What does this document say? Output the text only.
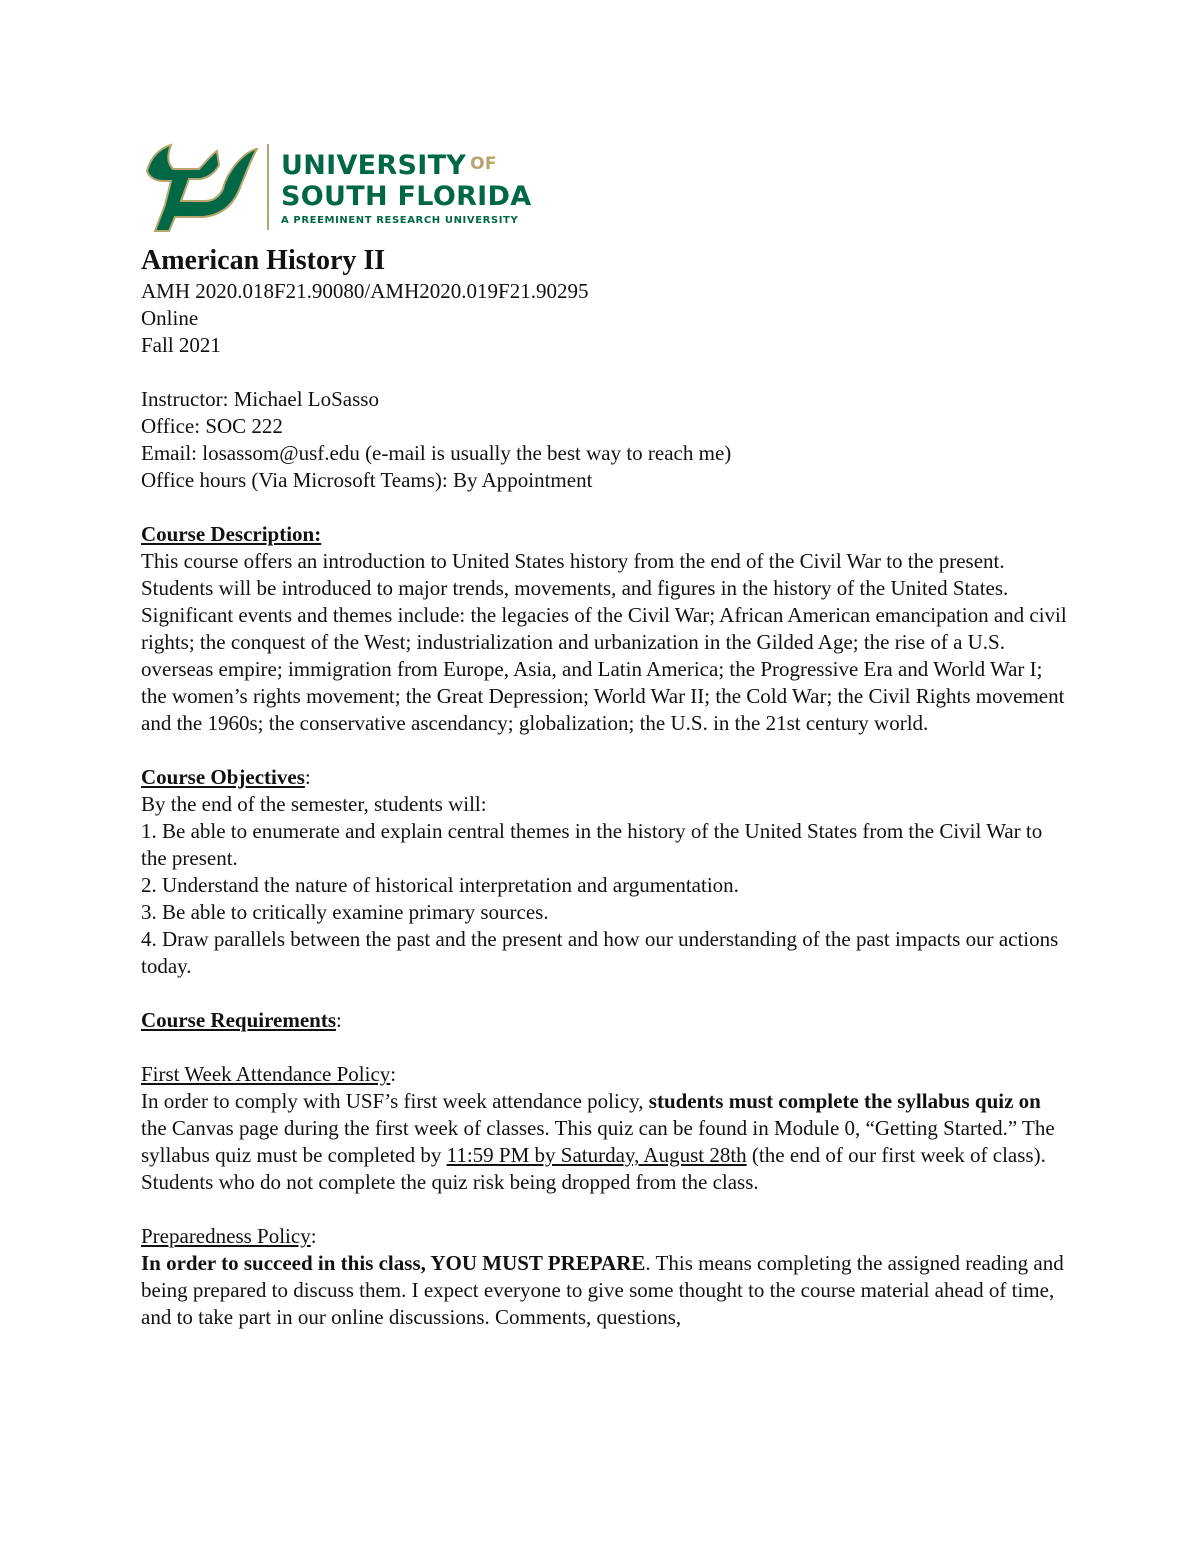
UNIVERSITY OF
SOUTH FLORIDA
A PREEMINENT RESEARCH UNIVERSITY
American History II

AMH 2020.018F21.90080/AMH2020.019F21.90295

Online

Fall 2021

Instructor: Michael LoSasso

Office: SOC 222

Email: losassom@usf.edu (e-mail is usually the best way to reach me)

Office hours (Via Microsoft Teams): By Appointment

Course Description:

This course offers an introduction to United States history from the end of the Civil War to the present. Students will be introduced to major trends, movements, and figures in the history of the United States. Significant events and themes include: the legacies of the Civil War; African American emancipation and civil rights; the conquest of the West; industrialization and urbanization in the Gilded Age; the rise of a U.S. overseas empire; immigration from Europe, Asia, and Latin America; the Progressive Era and World War I; the women’s rights movement; the Great Depression; World War II; the Cold War; the Civil Rights movement and the 1960s; the conservative ascendancy; globalization; the U.S. in the 21st century world.

Course Objectives:

By the end of the semester, students will:

1. Be able to enumerate and explain central themes in the history of the United States from the Civil War to the present.

2. Understand the nature of historical interpretation and argumentation.

3. Be able to critically examine primary sources.

4. Draw parallels between the past and the present and how our understanding of the past impacts our actions today.

Course Requirements:

First Week Attendance Policy:

In order to comply with USF’s first week attendance policy, students must complete the syllabus quiz on the Canvas page during the first week of classes. This quiz can be found in Module 0, “Getting Started.” The syllabus quiz must be completed by 11:59 PM by Saturday, August 28th (the end of our first week of class). Students who do not complete the quiz risk being dropped from the class.

Preparedness Policy:

In order to succeed in this class, YOU MUST PREPARE. This means completing the assigned reading and being prepared to discuss them. I expect everyone to give some thought to the course material ahead of time, and to take part in our online discussions. Comments, questions,
